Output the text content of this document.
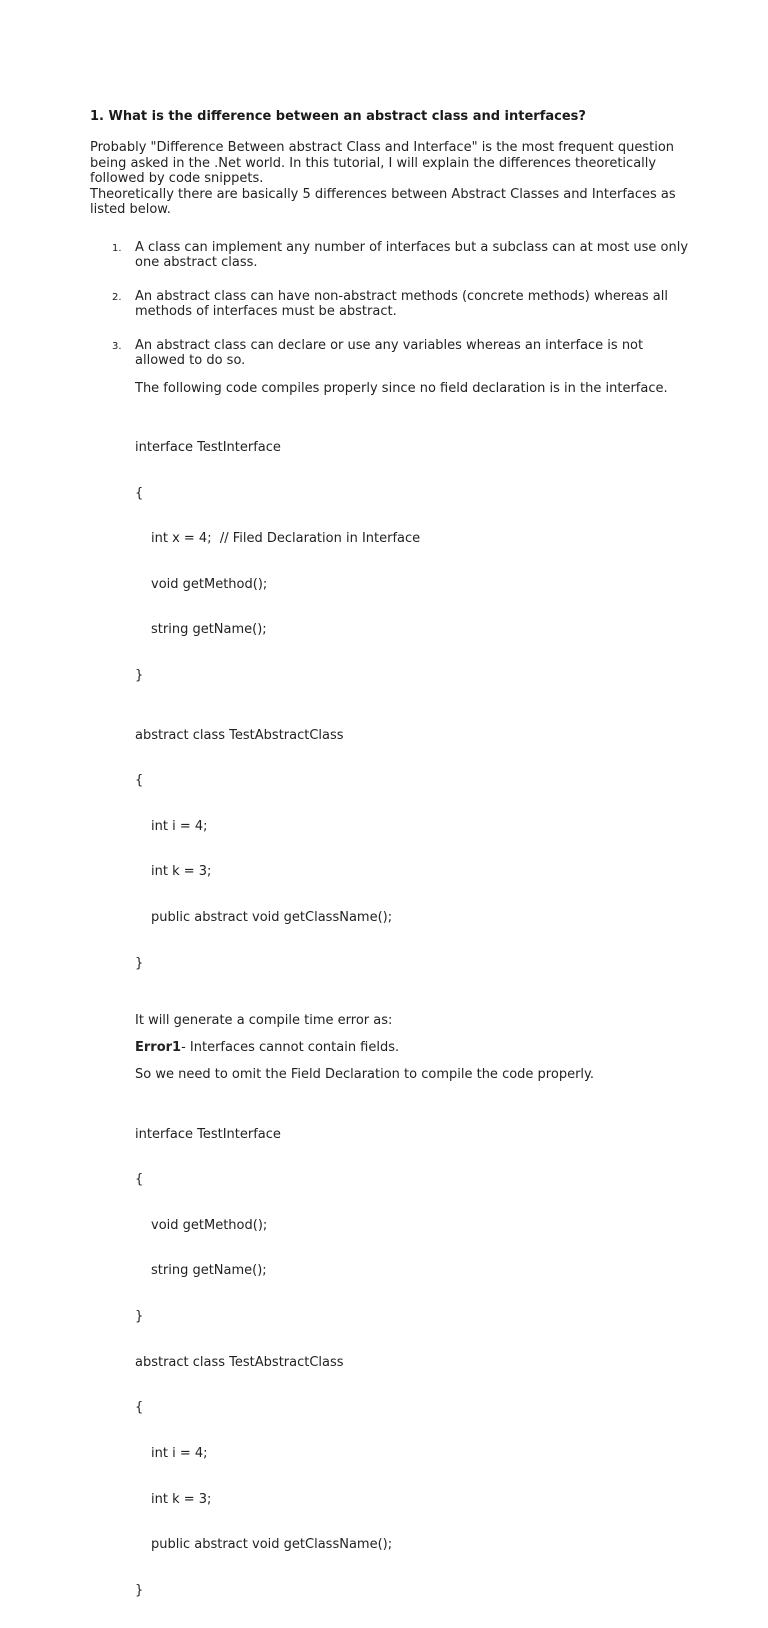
1. What is the difference between an abstract class and interfaces?
Probably "Difference Between abstract Class and Interface" is the most frequent question
being asked in the .Net world. In this tutorial, I will explain the differences theoretically
followed by code snippets.
Theoretically there are basically 5 differences between Abstract Classes and Interfaces as
listed below.
1. A class can implement any number of interfaces but a subclass can at most use only
one abstract class.
2. An abstract class can have non-abstract methods (concrete methods) whereas all
methods of interfaces must be abstract.
3. An abstract class can declare or use any variables whereas an interface is not
allowed to do so.
The following code compiles properly since no field declaration is in the interface.

interface TestInterface

{

int x = 4;  // Filed Declaration in Interface

void getMethod();

string getName();

}

abstract class TestAbstractClass

{

int i = 4;

int k = 3;

public abstract void getClassName();

}

It will generate a compile time error as:
Error1- Interfaces cannot contain fields.
So we need to omit the Field Declaration to compile the code properly.

interface TestInterface

{

void getMethod();

string getName();

}

abstract class TestAbstractClass

{

int i = 4;

int k = 3;

public abstract void getClassName();

}
